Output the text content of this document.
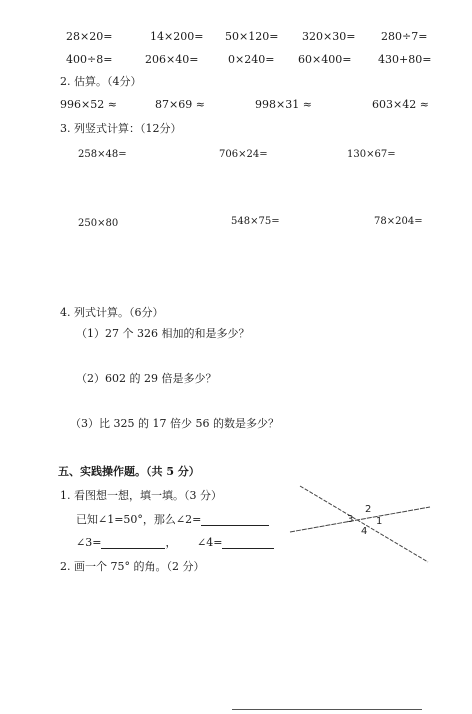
28×20=	14×200= 50×120= 320×30= 280÷7=
400÷8=	206×40=	0×240= 60×400= 430+80=
2. 估算。（4分）
996×52 ≈	87×69 ≈	998×31 ≈	603×42 ≈
3. 列竖式计算：（12分）
258×48=	706×24=	130×67=
250×80	548×75=	78×204=
4. 列式计算。（6分）
（1）27 个 326 相加的和是多少？
（2）602 的 29 倍是多少？
（3）比 325 的 17 倍少 56 的数是多少？
五、实践操作题。（共 5 分）
1. 看图想一想，填一填。（3 分）
已知∠1=50°，那么∠2=
∠3=	， ∠4=
2. 画一个 75° 的角。（2 分）
1
2
3
4
